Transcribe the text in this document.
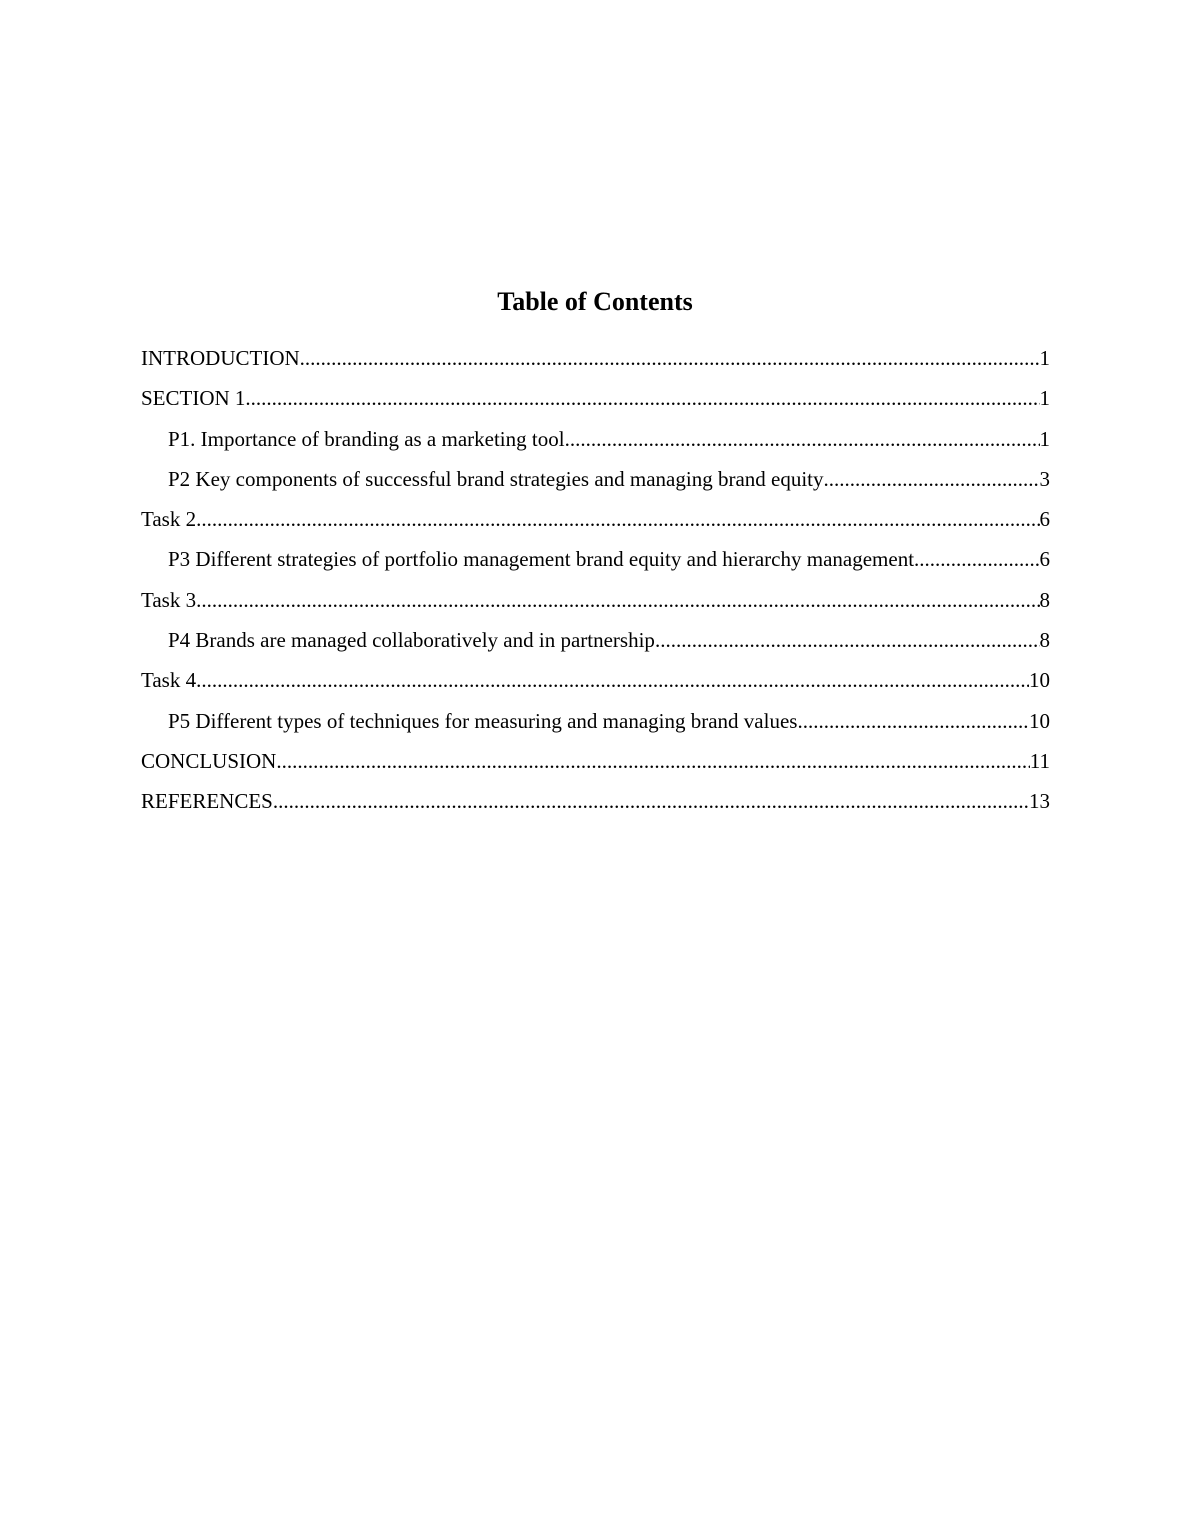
Table of Contents
INTRODUCTION .....	1
SECTION 1 .....	1
P1. Importance of branding as a marketing tool .....	1
P2 Key components of successful brand strategies and managing brand equity .....	3
Task 2 .....	6
P3 Different strategies of portfolio management brand equity and hierarchy management .....	6
Task 3 .....	8
P4 Brands are managed collaboratively and in partnership .....	8
Task 4 .....	10
P5 Different types of techniques for measuring and managing brand values .....	10
CONCLUSION .....	11
REFERENCES .....	13
